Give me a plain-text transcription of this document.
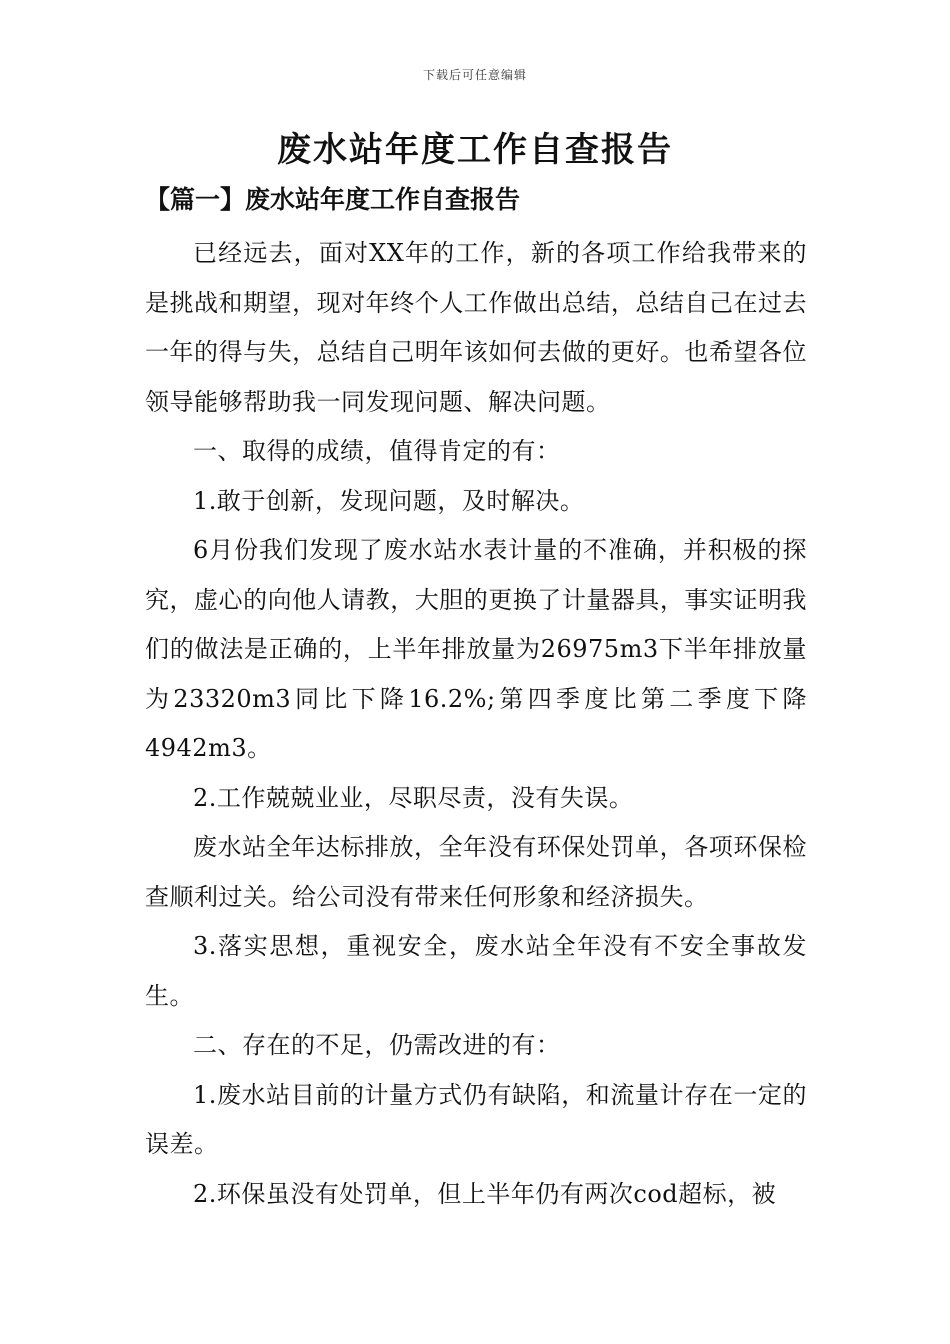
下载后可任意编辑
废水站年度工作自查报告
【篇一】废水站年度工作自查报告

已经远去，面对XX年的工作，新的各项工作给我带来的是挑战和期望，现对年终个人工作做出总结，总结自己在过去一年的得与失，总结自己明年该如何去做的更好。也希望各位领导能够帮助我一同发现问题、解决问题。

一、取得的成绩，值得肯定的有：

1.敢于创新，发现问题，及时解决。

6月份我们发现了废水站水表计量的不准确，并积极的探究，虚心的向他人请教，大胆的更换了计量器具，事实证明我们的做法是正确的，上半年排放量为26975m3下半年排放量为23320m3同比下降16.2%;第四季度比第二季度下降4942m3。

2.工作兢兢业业，尽职尽责，没有失误。

废水站全年达标排放，全年没有环保处罚单，各项环保检查顺利过关。给公司没有带来任何形象和经济损失。

3.落实思想，重视安全，废水站全年没有不安全事故发生。

二、存在的不足，仍需改进的有：

1.废水站目前的计量方式仍有缺陷，和流量计存在一定的误差。

2.环保虽没有处罚单，但上半年仍有两次cod超标，被
